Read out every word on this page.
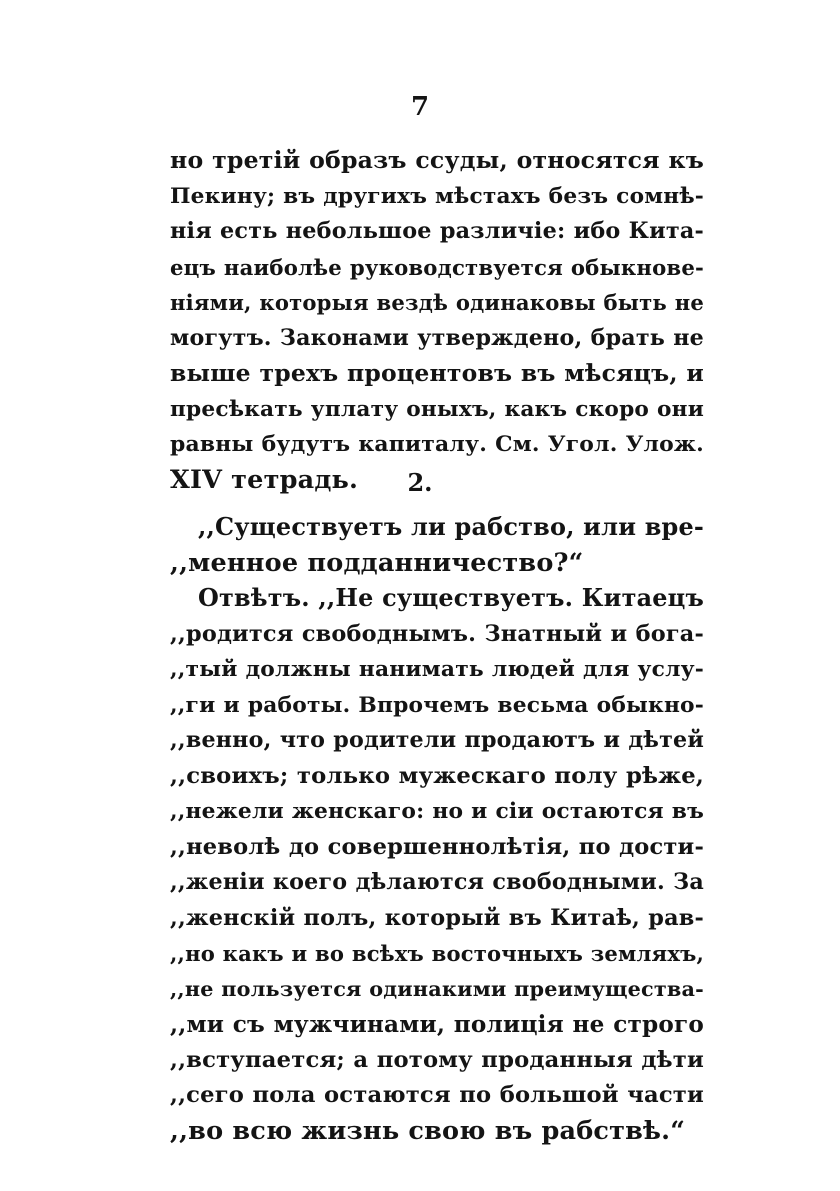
7
но третій образъ ссуды, относятся къ
Пекину; въ другихъ мѣстахъ безъ сомнѣ-
нія есть небольшое различіе: ибо Китa-
ецъ наиболѣе руководствуется обыкнове-
ніями, которыя вездѣ одинаковы быть не
могутъ. Законами утверждено, брать не
выше трехъ процентовъ въ мѣсяцъ, и
пресѣкать уплату оныхъ, какъ скоро они
равны будутъ капиталу. См. Угол. Улож.
XIV тетрадь.	2.
,,Существуетъ ли рабство, или вре-
,,менное подданничество?“
Отвѣтъ. ,,Не существуетъ. Китаецъ
,,родится свободнымъ. Знатный и бога-
,,тый должны нанимать людей для услу-
,,ги и работы. Впрочемъ весьма обыкно-
,,венно, что родители продаютъ и дѣтей
,,своихъ; только мужескаго полу рѣже,
,,нежели женскаго: но и сіи остаются въ
,,неволѣ до совершеннолѣтія, по дости-
,,женіи коего дѣлаются свободными. За
,,женскій полъ, который въ Китаѣ, рав-
,,но какъ и во всѣхъ восточныхъ земляхъ,
,,не пользуется одинакими преимущества-
,,ми съ мужчинами, полиція не строго
,,вступается; а потому проданныя дѣти
,,сего пола остаются по большой части
,,во всю жизнь свою въ рабствѣ.“
